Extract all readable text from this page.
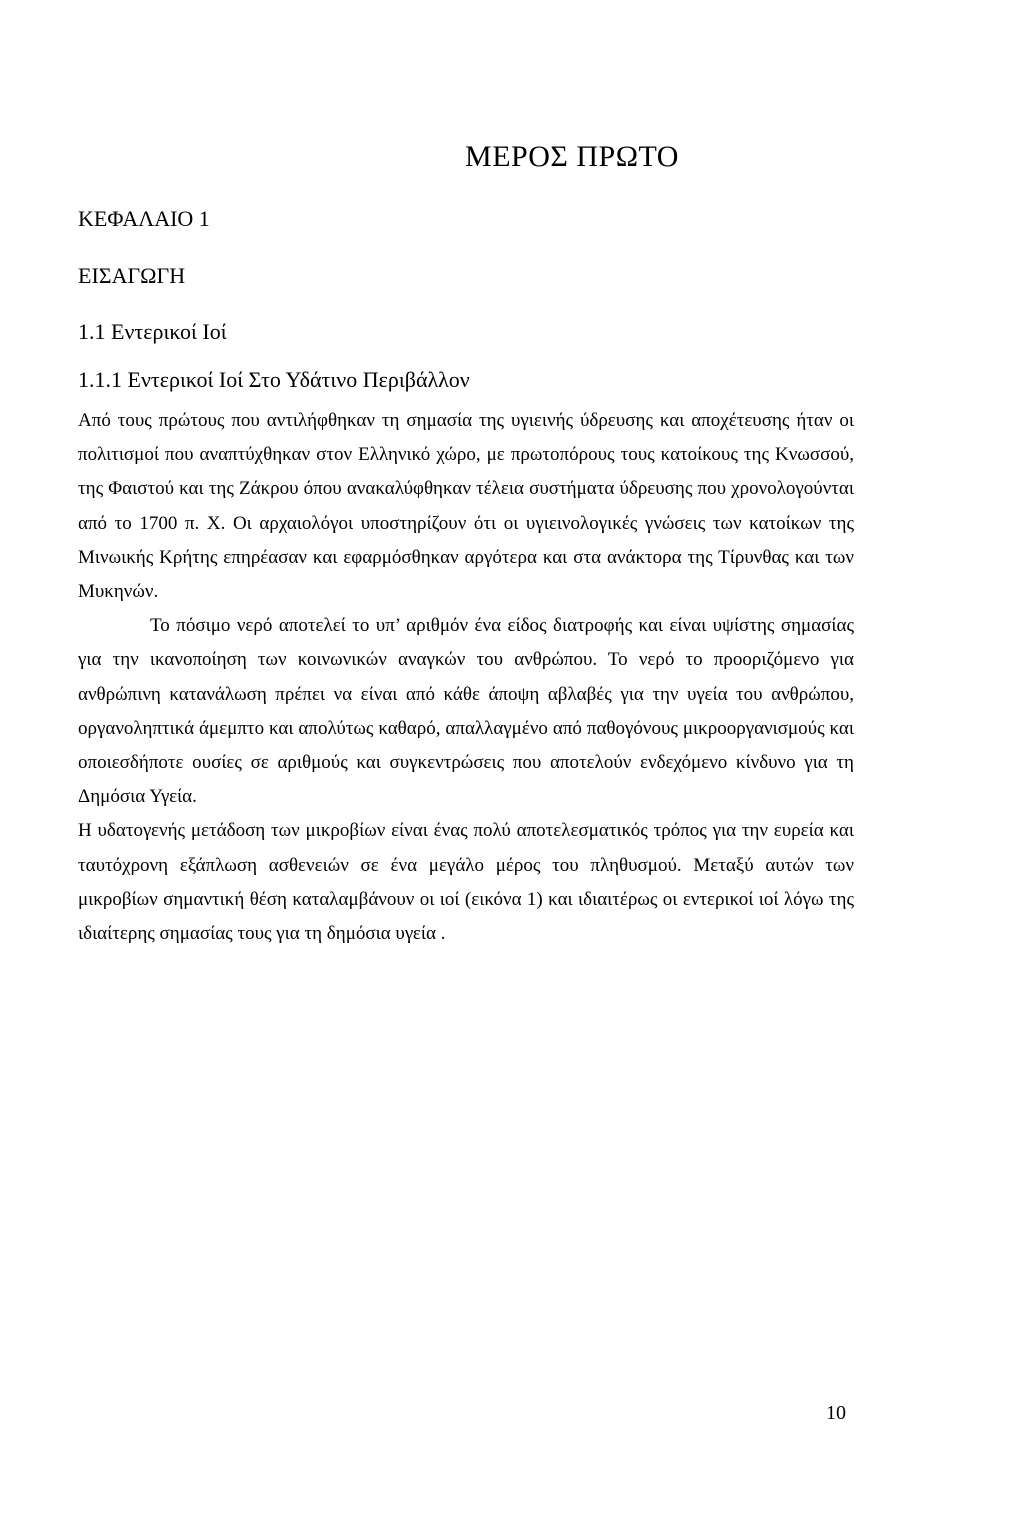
ΜΕΡΟΣ ΠΡΩΤΟ
ΚΕΦΑΛΑΙΟ 1
ΕΙΣΑΓΩΓΗ
1.1 Εντερικοί Ιοί
1.1.1 Εντερικοί Ιοί Στο Υδάτινο Περιβάλλον

Από τους πρώτους που αντιλήφθηκαν τη σημασία της υγιεινής ύδρευσης και αποχέτευσης ήταν οι πολιτισμοί που αναπτύχθηκαν στον Ελληνικό χώρο, με πρωτοπόρους τους κατοίκους της Κνωσσού, της Φαιστού και της Ζάκρου όπου ανακαλύφθηκαν τέλεια συστήματα ύδρευσης που χρονολογούνται από το 1700 π. Χ. Οι αρχαιολόγοι υποστηρίζουν ότι οι υγιεινολογικές γνώσεις των κατοίκων της Μινωικής Κρήτης επηρέασαν και εφαρμόσθηκαν αργότερα και στα ανάκτορα της Τίρυνθας και των Μυκηνών.

Το πόσιμο νερό αποτελεί το υπ’ αριθμόν ένα είδος διατροφής και είναι υψίστης σημασίας για την ικανοποίηση των κοινωνικών αναγκών του ανθρώπου. Το νερό το προοριζόμενο για ανθρώπινη κατανάλωση πρέπει να είναι από κάθε άποψη αβλαβές για την υγεία του ανθρώπου, οργανοληπτικά άμεμπτο και απολύτως καθαρό, απαλλαγμένο από παθογόνους μικροοργανισμούς και οποιεσδήποτε ουσίες σε αριθμούς και συγκεντρώσεις που αποτελούν ενδεχόμενο κίνδυνο για τη Δημόσια Υγεία.

Η υδατογενής μετάδοση των μικροβίων είναι ένας πολύ αποτελεσματικός τρόπος για την ευρεία και ταυτόχρονη εξάπλωση ασθενειών σε ένα μεγάλο μέρος του πληθυσμού. Μεταξύ αυτών των μικροβίων σημαντική θέση καταλαμβάνουν οι ιοί (εικόνα 1) και ιδιαιτέρως οι εντερικοί ιοί λόγω της ιδιαίτερης σημασίας τους για τη δημόσια υγεία .

10
